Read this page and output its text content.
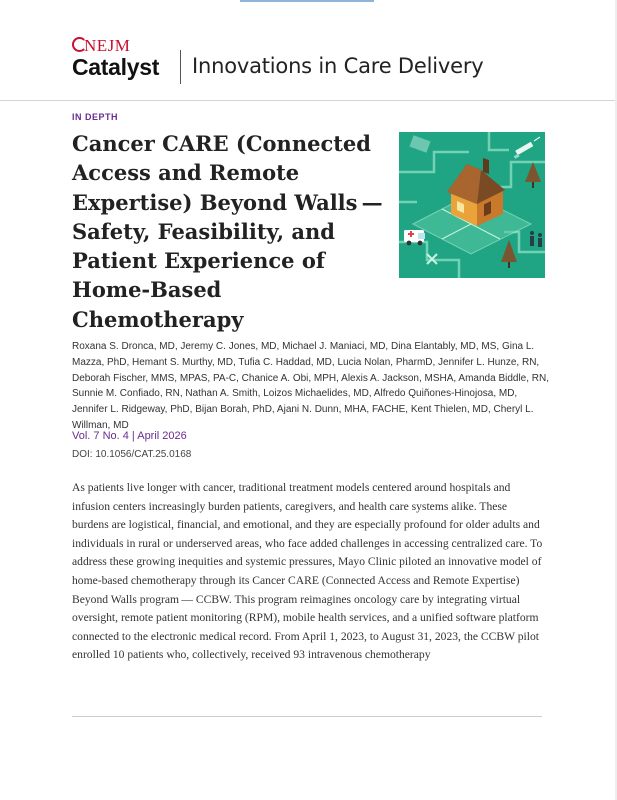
NEJM
Catalyst Innovations in Care Delivery
IN DEPTH
Cancer CARE (Connected Access and Remote Expertise) Beyond Walls — Safety, Feasibility, and Patient Experience of Home-Based Chemotherapy
Roxana S. Dronca, MD, Jeremy C. Jones, MD, Michael J. Maniaci, MD, Dina Elantably, MD, MS, Gina L. Mazza, PhD, Hemant S. Murthy, MD, Tufia C. Haddad, MD, Lucia Nolan, PharmD, Jennifer L. Hunze, RN, Deborah Fischer, MMS, MPAS, PA-C, Chanice A. Obi, MPH, Alexis A. Jackson, MSHA, Amanda Biddle, RN, Sunnie M. Confiado, RN, Nathan A. Smith, Loizos Michaelides, MD, Alfredo Quiñones-Hinojosa, MD, Jennifer L. Ridgeway, PhD, Bijan Borah, PhD, Ajani N. Dunn, MHA, FACHE, Kent Thielen, MD, Cheryl L. Willman, MD
Vol. 7 No. 4 | April 2026
DOI: 10.1056/CAT.25.0168
As patients live longer with cancer, traditional treatment models centered around hospitals and infusion centers increasingly burden patients, caregivers, and health care systems alike. These burdens are logistical, financial, and emotional, and they are especially profound for older adults and individuals in rural or underserved areas, who face added challenges in accessing centralized care. To address these growing inequities and systemic pressures, Mayo Clinic piloted an innovative model of home-based chemotherapy through its Cancer CARE (Connected Access and Remote Expertise) Beyond Walls program — CCBW. This program reimagines oncology care by integrating virtual oversight, remote patient monitoring (RPM), mobile health services, and a unified software platform connected to the electronic medical record. From April 1, 2023, to August 31, 2023, the CCBW pilot enrolled 10 patients who, collectively, received 93 intravenous chemotherapy
